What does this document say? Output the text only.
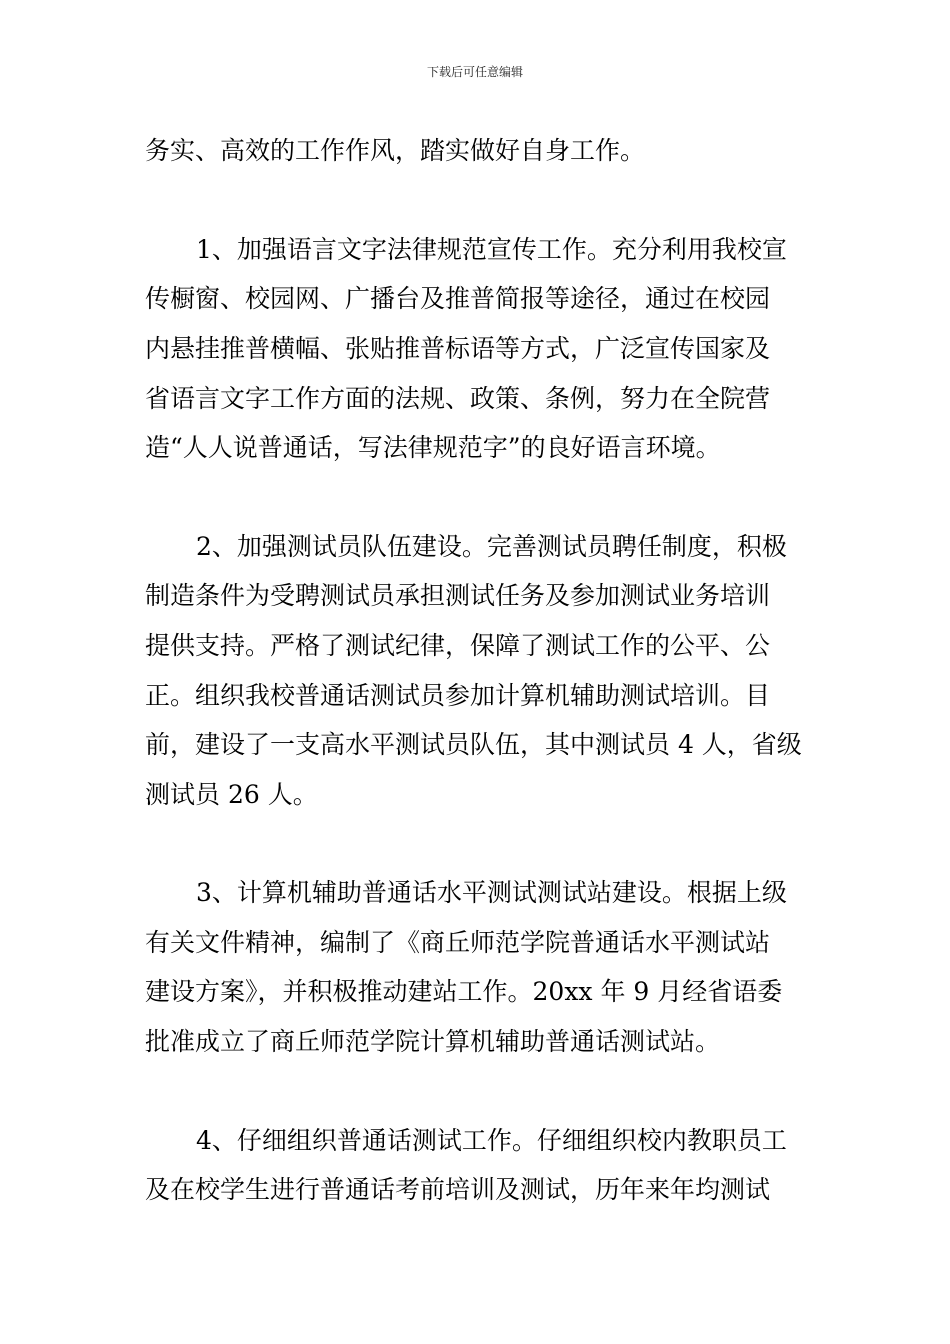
下载后可任意编辑
务实、高效的工作作风，踏实做好自身工作。
1、加强语言文字法律规范宣传工作。充分利用我校宣
传橱窗、校园网、广播台及推普简报等途径，通过在校园
内悬挂推普横幅、张贴推普标语等方式，广泛宣传国家及
省语言文字工作方面的法规、政策、条例，努力在全院营
造“人人说普通话，写法律规范字”的良好语言环境。
2、加强测试员队伍建设。完善测试员聘任制度，积极
制造条件为受聘测试员承担测试任务及参加测试业务培训
提供支持。严格了测试纪律，保障了测试工作的公平、公
正。组织我校普通话测试员参加计算机辅助测试培训。目
前，建设了一支高水平测试员队伍，其中测试员 4 人，省级
测试员 26 人。
3、计算机辅助普通话水平测试测试站建设。根据上级
有关文件精神，编制了《商丘师范学院普通话水平测试站
建设方案》，并积极推动建站工作。20xx 年 9 月经省语委
批准成立了商丘师范学院计算机辅助普通话测试站。
4、仔细组织普通话测试工作。仔细组织校内教职员工
及在校学生进行普通话考前培训及测试，历年来年均测试
